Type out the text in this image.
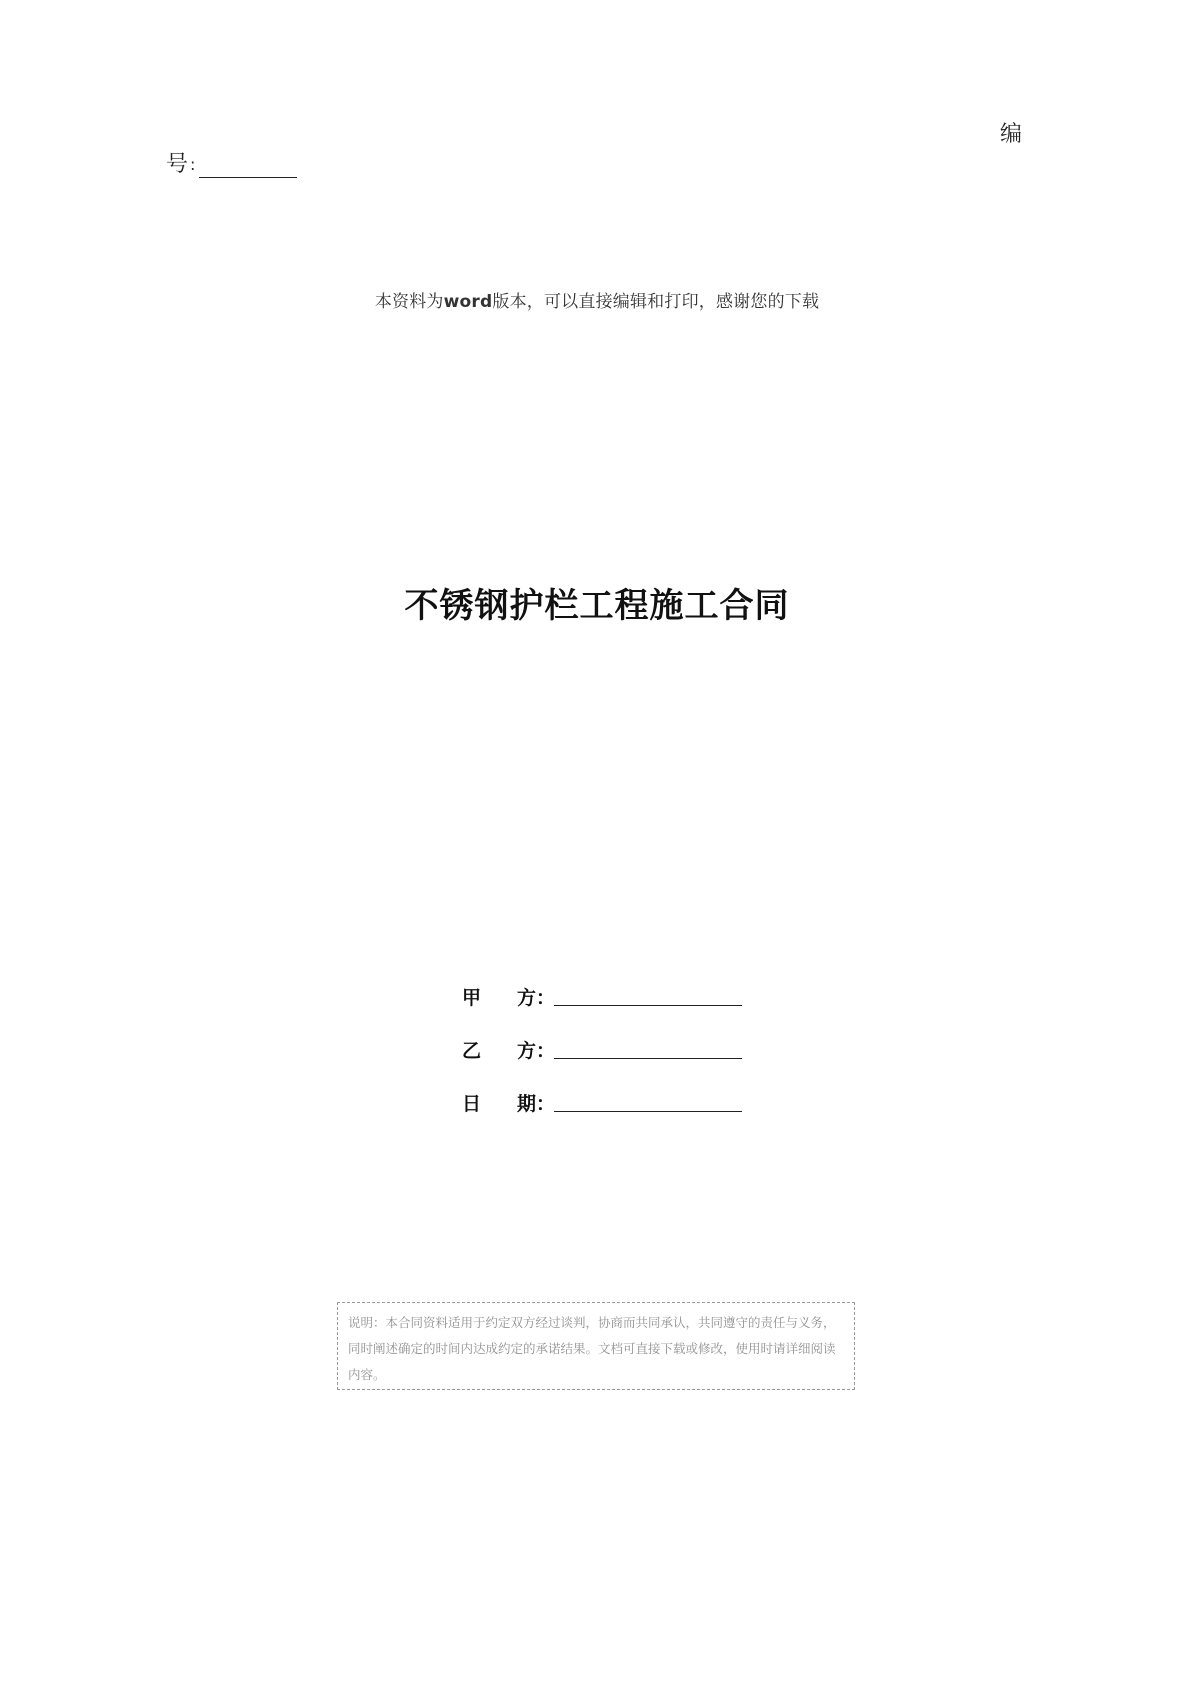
编
号 :
本资料为word版本，可以直接编辑和打印，感谢您的下载
不锈钢护栏工程施工合同
甲 方 ：
乙 方 ：
日 期 ：
说明：本合同资料适用于约定双方经过谈判，协商而共同承认，共同遵守的责任与义务，同时阐述确定的时间内达成约定的承诺结果。文档可直接下载或修改，使用时请详细阅读内容。
